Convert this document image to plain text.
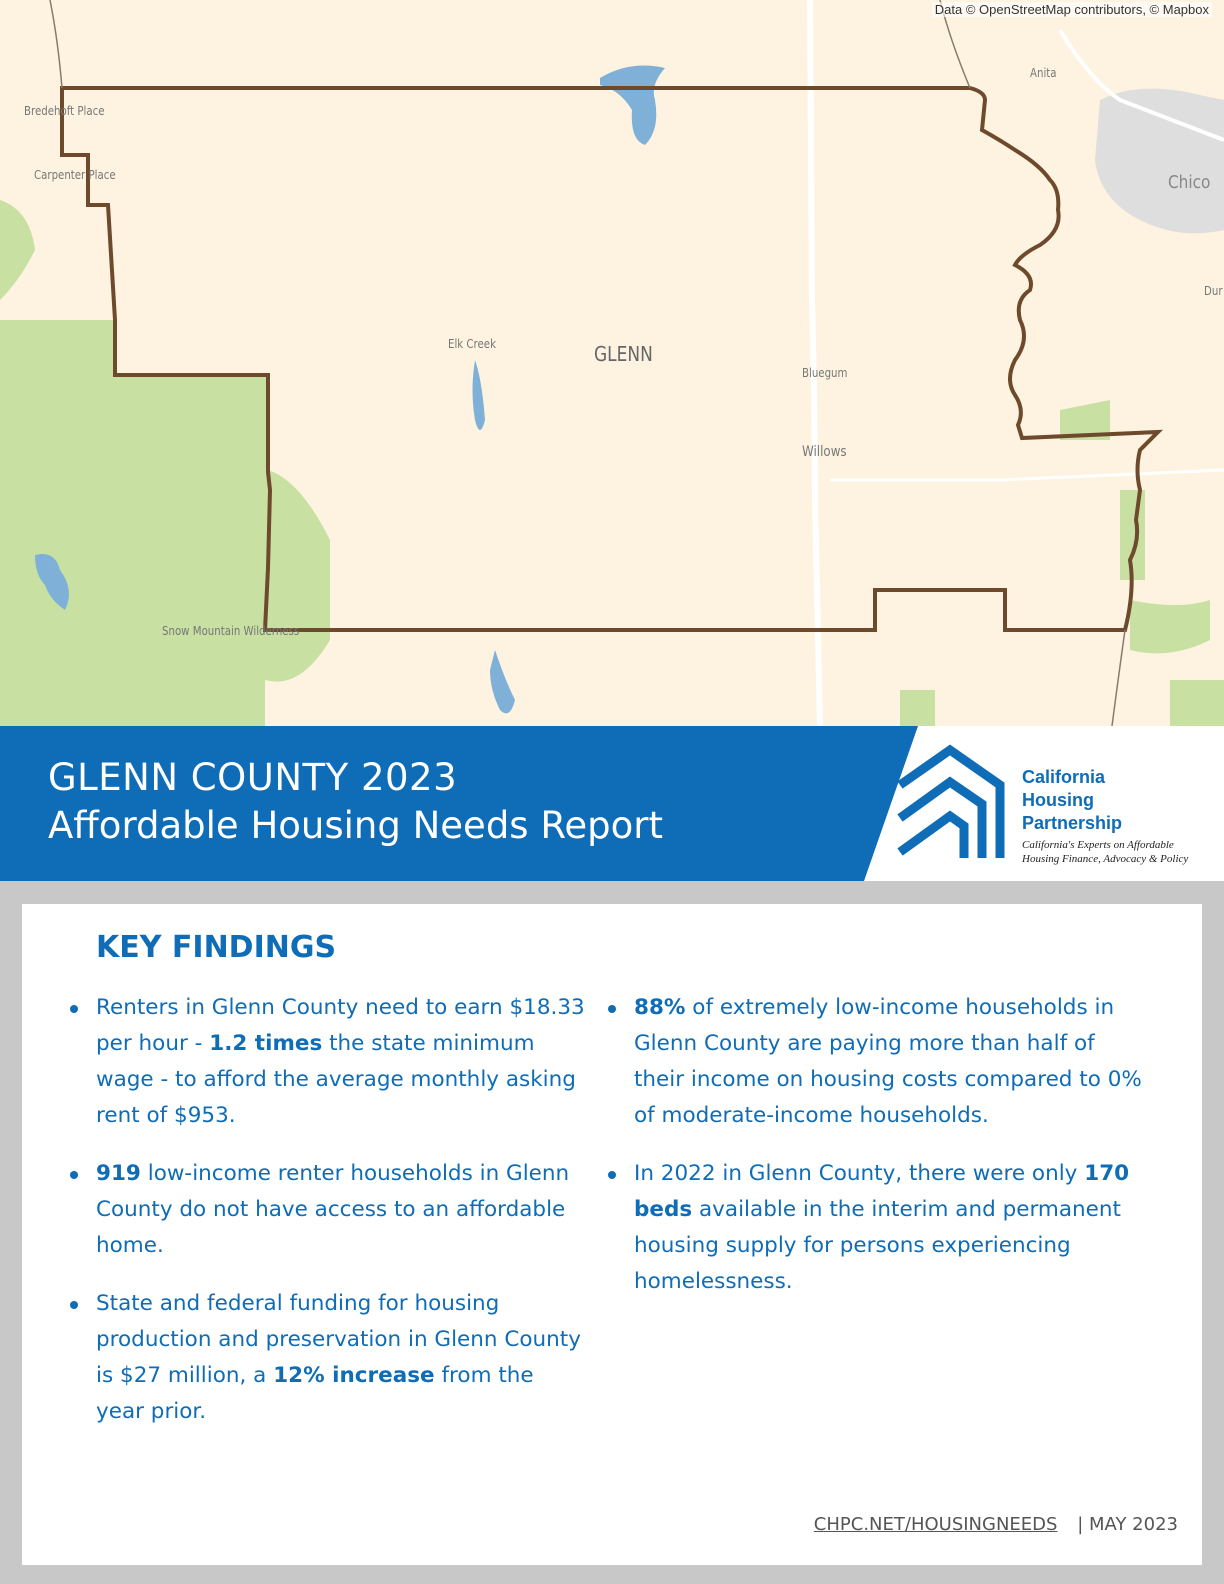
Data © OpenStreetMap contributors, © Mapbox
Bredehoft Place
Carpenter Place
Elk Creek	GLENN
Bluegum
Willows
Anita
Chico
Dur
Snow Mountain Wilderness
GLENN COUNTY 2023
Affordable Housing Needs Report
California
Housing
Partnership
California's Experts on Affordable
Housing Finance, Advocacy & Policy
KEY FINDINGS
Renters in Glenn County need to earn $18.33 per hour - 1.2 times the state minimum wage - to afford the average monthly asking rent of $953.
919 low-income renter households in Glenn County do not have access to an affordable home.
State and federal funding for housing production and preservation in Glenn County is $27 million, a 12% increase from the year prior.
88% of extremely low-income households in Glenn County are paying more than half of their income on housing costs compared to 0% of moderate-income households.
In 2022 in Glenn County, there were only 170 beds available in the interim and permanent housing supply for persons experiencing homelessness.
CHPC.NET/HOUSINGNEEDS | MAY 2023
